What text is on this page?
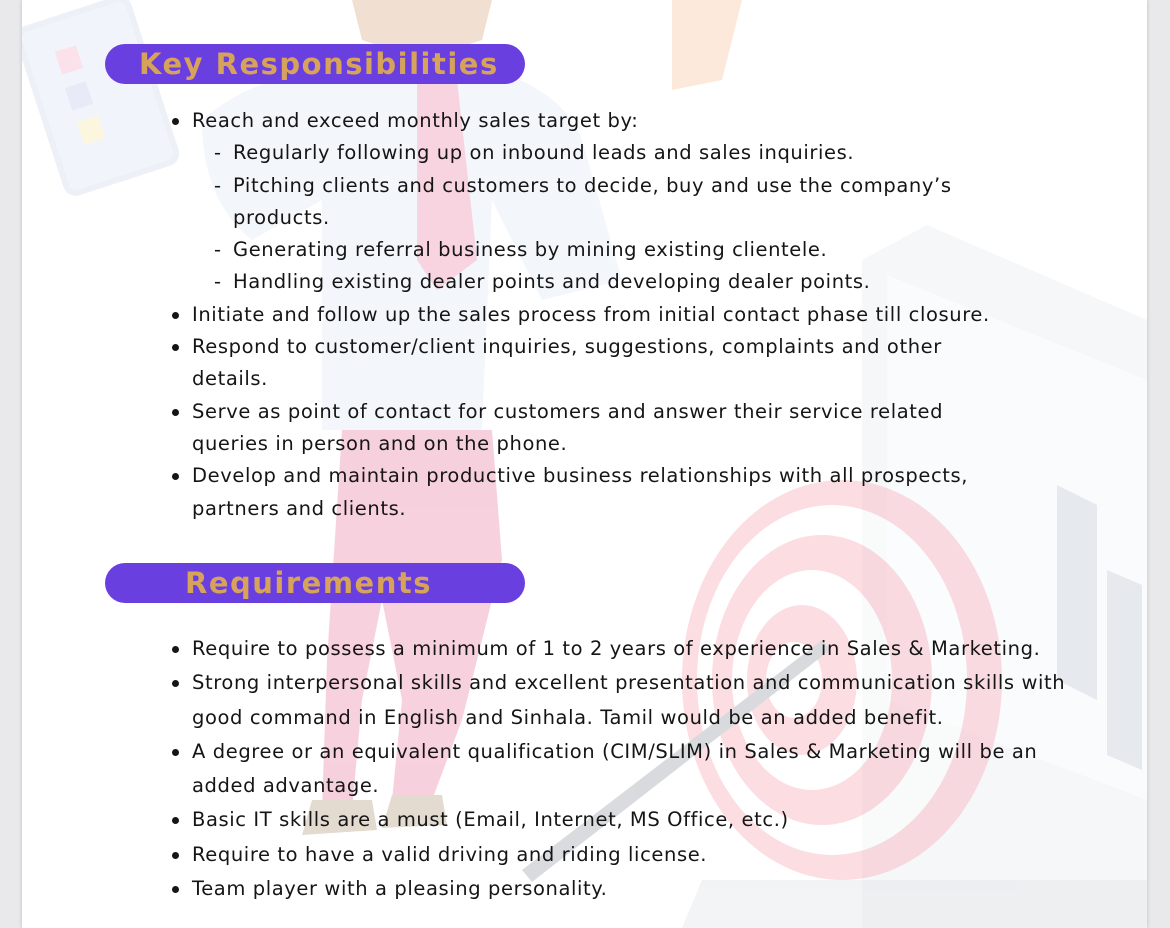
Key Responsibilities
Reach and exceed monthly sales target by:
- Regularly following up on inbound leads and sales inquiries.
- Pitching clients and customers to decide, buy and use the company’s products.
- Generating referral business by mining existing clientele.
- Handling existing dealer points and developing dealer points.
Initiate and follow up the sales process from initial contact phase till closure.
Respond to customer/client inquiries, suggestions, complaints and other details.
Serve as point of contact for customers and answer their service related queries in person and on the phone.
Develop and maintain productive business relationships with all prospects, partners and clients.
Requirements
Require to possess a minimum of 1 to 2 years of experience in Sales & Marketing.
Strong interpersonal skills and excellent presentation and communication skills with good command in English and Sinhala. Tamil would be an added benefit.
A degree or an equivalent qualification (CIM/SLIM) in Sales & Marketing will be an added advantage.
Basic IT skills are a must (Email, Internet, MS Office, etc.)
Require to have a valid driving and riding license.
Team player with a pleasing personality.
